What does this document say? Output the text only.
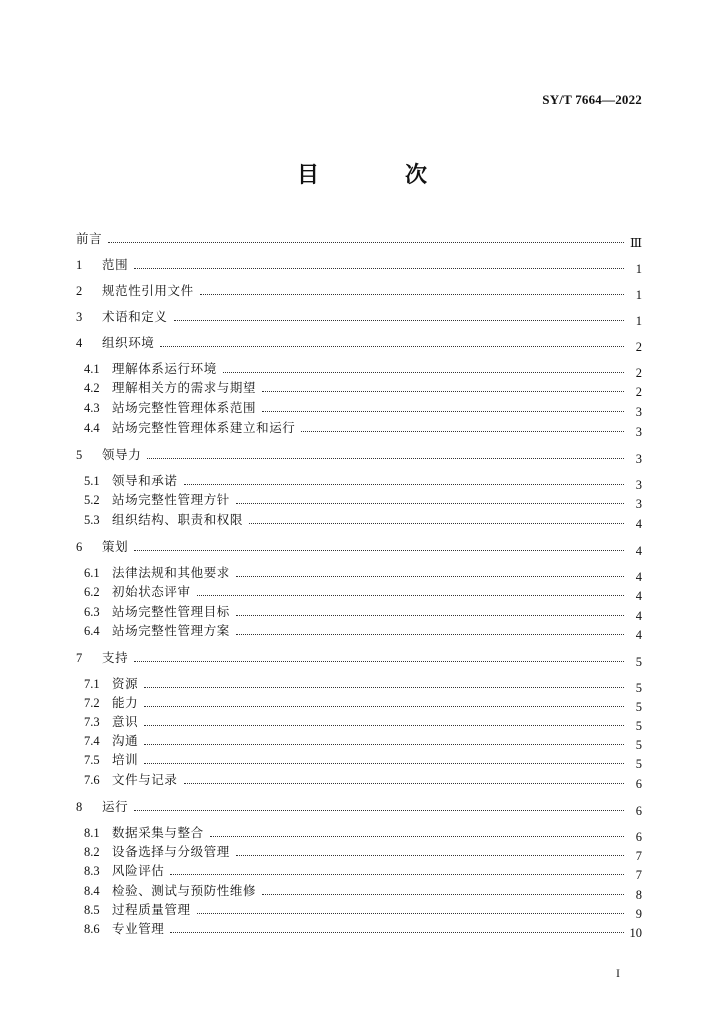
SY/T 7664—2022
目　次
前言	Ⅲ
1	范围	1
2	规范性引用文件	1
3	术语和定义	1
4	组织环境	2
4.1 理解体系运行环境	2
4.2 理解相关方的需求与期望	2
4.3 站场完整性管理体系范围	3
4.4 站场完整性管理体系建立和运行	3
5	领导力	3
5.1 领导和承诺	3
5.2 站场完整性管理方针	3
5.3 组织结构、职责和权限	4
6	策划	4
6.1 法律法规和其他要求	4
6.2 初始状态评审	4
6.3 站场完整性管理目标	4
6.4 站场完整性管理方案	4
7	支持	5
7.1 资源	5
7.2 能力	5
7.3 意识	5
7.4 沟通	5
7.5 培训	5
7.6 文件与记录	6
8	运行	6
8.1 数据采集与整合	6
8.2 设备选择与分级管理	7
8.3 风险评估	7
8.4 检验、测试与预防性维修	8
8.5 过程质量管理	9
8.6 专业管理	10
I
